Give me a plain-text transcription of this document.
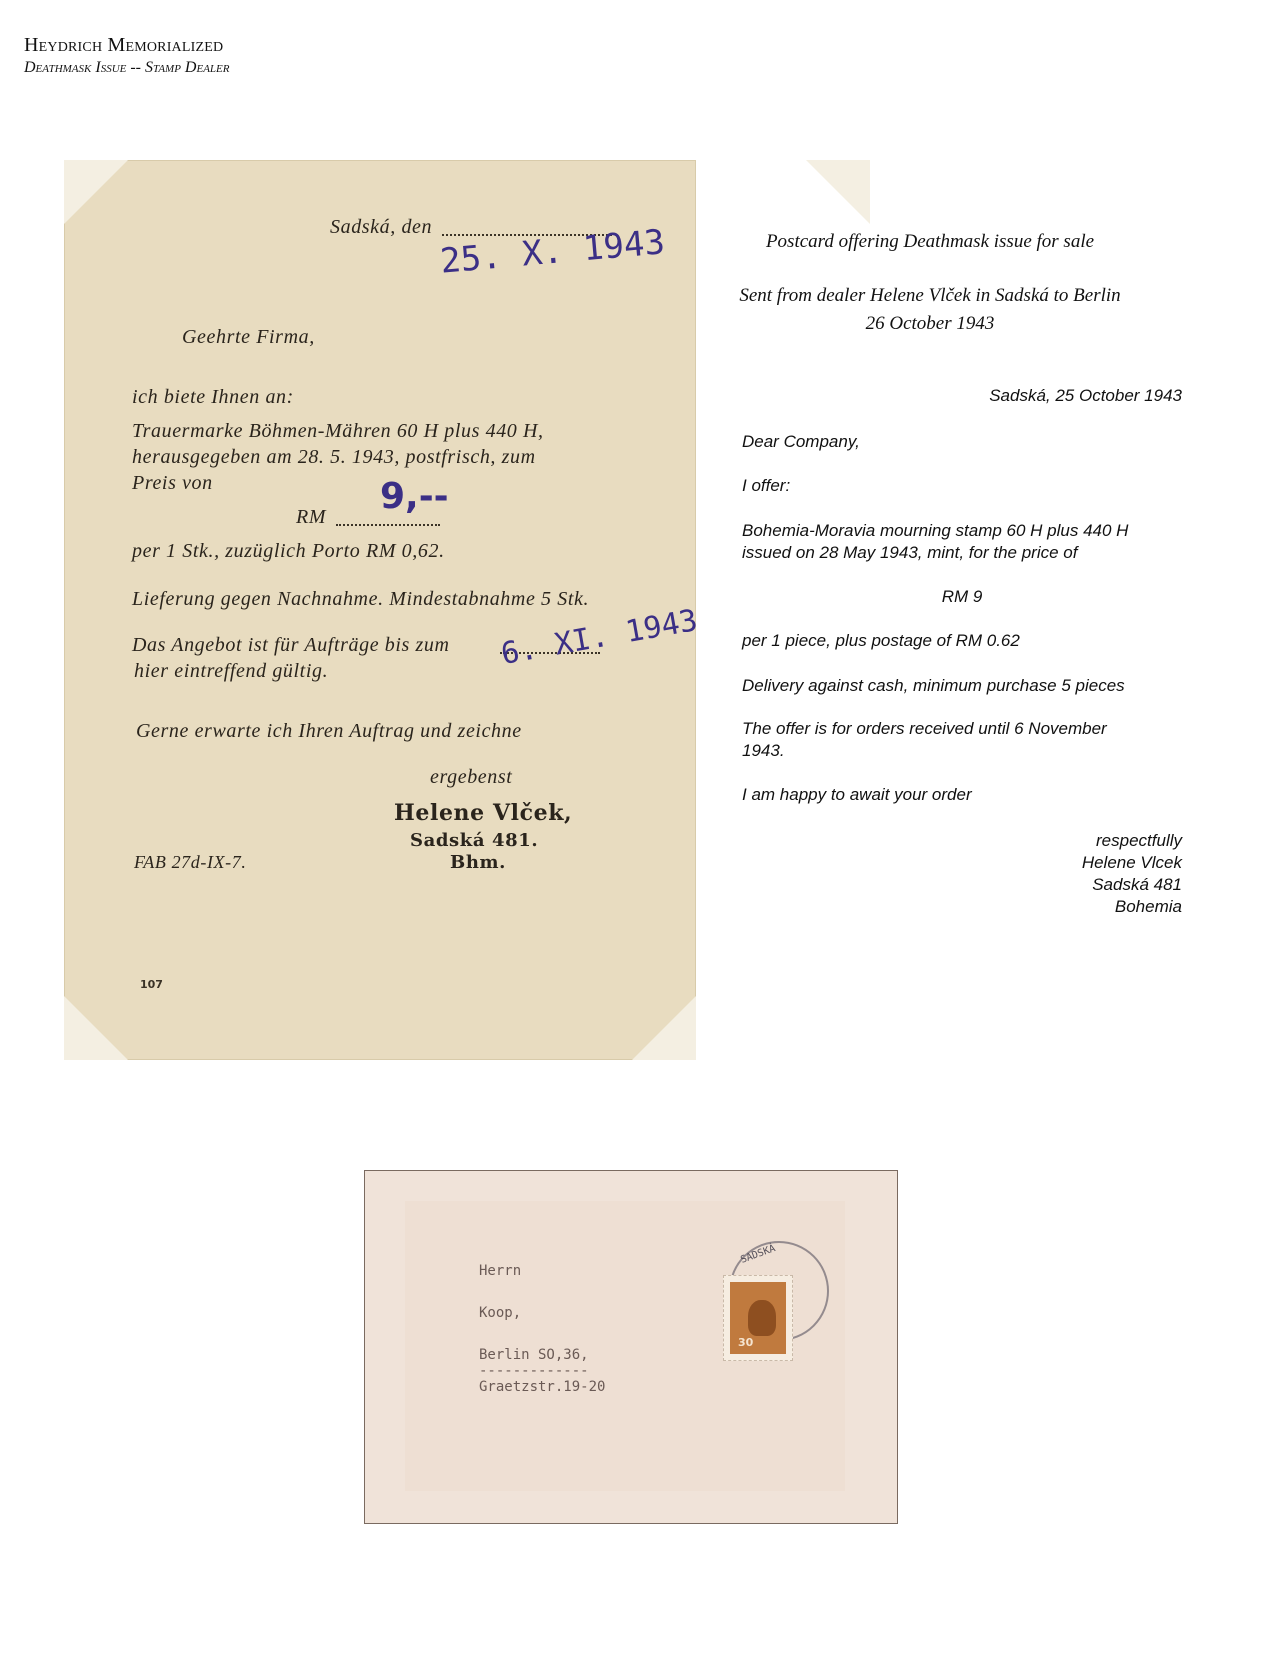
Heydrich Memorialized
Deathmask Issue -- Stamp Dealer
Sadská, den 25. X. 1943
Geehrte Firma,
ich biete Ihnen an:
Trauermarke Böhmen-Mähren 60 H plus 440 H,
herausgegeben am 28. 5. 1943, postfrisch, zum
Preis von
RM 9,--
per 1 Stk., zuzüglich Porto RM 0,62.
Lieferung gegen Nachnahme. Mindestabnahme 5 Stk.
Das Angebot ist für Aufträge bis zum 6. XI. 1943
hier eintreffend gültig.
Gerne erwarte ich Ihren Auftrag und zeichne
ergebenst
Helene Vlček,
Sadská 481.
Bhm.
FAB 27d-IX-7.
107
Postcard offering Deathmask issue for sale
Sent from dealer Helene Vlček in Sadská to Berlin
26 October 1943
Sadská, 25 October 1943
Dear Company,
I offer:
Bohemia-Moravia mourning stamp 60 H plus 440 H
issued on 28 May 1943, mint, for the price of
RM 9
per 1 piece, plus postage of RM 0.62
Delivery against cash, minimum purchase 5 pieces
The offer is for orders received until 6 November
1943.
I am happy to await your order
respectfully
Helene Vlcek
Sadská 481
Bohemia
Herrn
Koop,
Berlin SO,36,
-------------
Graetzstr.19-20
SADSKÁ
30
